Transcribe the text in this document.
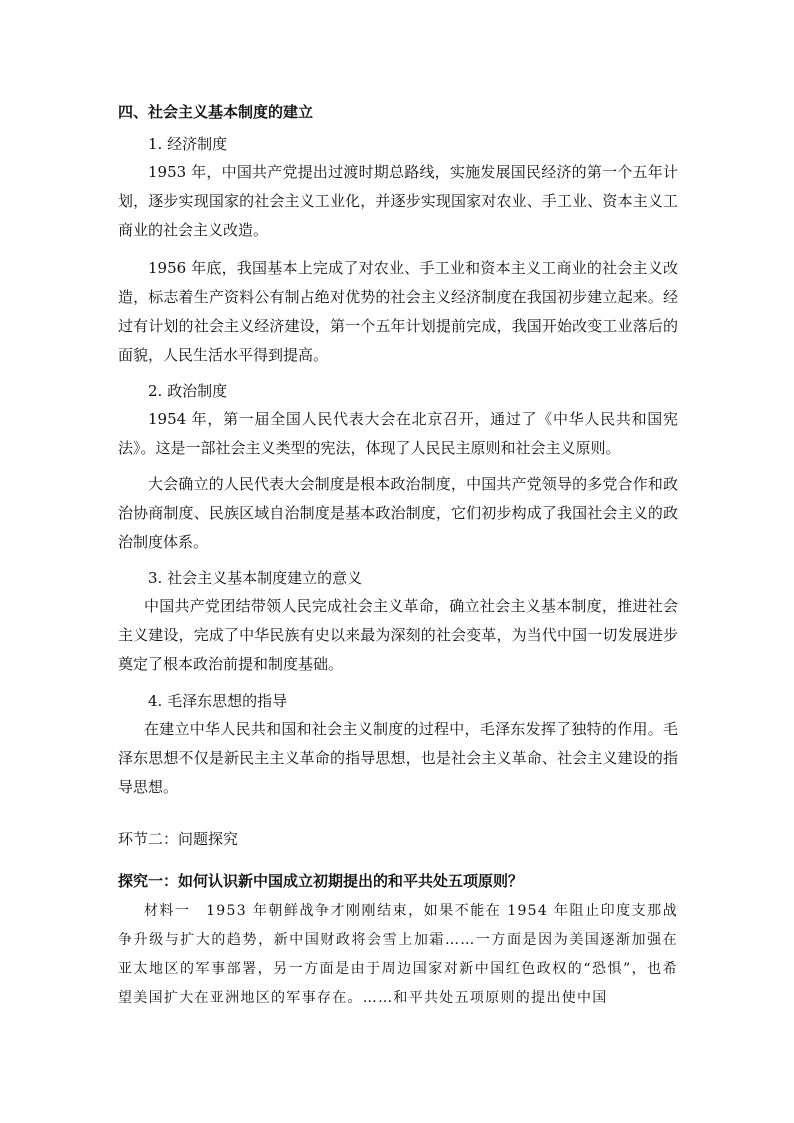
四、社会主义基本制度的建立
1. 经济制度

1953 年，中国共产党提出过渡时期总路线，实施发展国民经济的第一个五年计划，逐步实现国家的社会主义工业化，并逐步实现国家对农业、手工业、资本主义工商业的社会主义改造。

1956 年底，我国基本上完成了对农业、手工业和资本主义工商业的社会主义改造，标志着生产资料公有制占绝对优势的社会主义经济制度在我国初步建立起来。经过有计划的社会主义经济建设，第一个五年计划提前完成，我国开始改变工业落后的面貌，人民生活水平得到提高。

2. 政治制度

1954 年，第一届全国人民代表大会在北京召开，通过了《中华人民共和国宪法》。这是一部社会主义类型的宪法，体现了人民民主原则和社会主义原则。

大会确立的人民代表大会制度是根本政治制度，中国共产党领导的多党合作和政治协商制度、民族区域自治制度是基本政治制度，它们初步构成了我国社会主义的政治制度体系。

3. 社会主义基本制度建立的意义

中国共产党团结带领人民完成社会主义革命，确立社会主义基本制度，推进社会主义建设，完成了中华民族有史以来最为深刻的社会变革，为当代中国一切发展进步奠定了根本政治前提和制度基础。

4. 毛泽东思想的指导

在建立中华人民共和国和社会主义制度的过程中，毛泽东发挥了独特的作用。毛泽东思想不仅是新民主主义革命的指导思想，也是社会主义革命、社会主义建设的指导思想。

环节二：问题探究
探究一：如何认识新中国成立初期提出的和平共处五项原则？

材料一　1953 年朝鲜战争才刚刚结束，如果不能在 1954 年阻止印度支那战争升级与扩大的趋势，新中国财政将会雪上加霜……一方面是因为美国逐渐加强在亚太地区的军事部署，另一方面是由于周边国家对新中国红色政权的“恐惧”，也希望美国扩大在亚洲地区的军事存在。……和平共处五项原则的提出使中国
